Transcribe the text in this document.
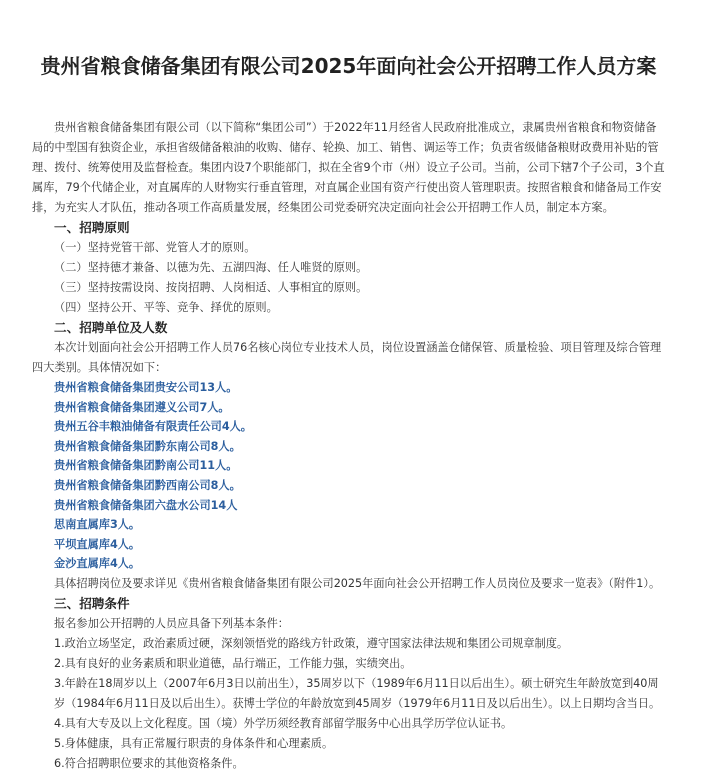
贵州省粮食储备集团有限公司2025年面向社会公开招聘工作人员方案

贵州省粮食储备集团有限公司（以下简称“集团公司”）于2022年11月经省人民政府批准成立，隶属贵州省粮食和物资储备局的中型国有独资企业，承担省级储备粮油的收购、储存、轮换、加工、销售、调运等工作；负责省级储备粮财政费用补贴的管理、拨付、统筹使用及监督检查。集团内设7个职能部门，拟在全省9个市（州）设立子公司。当前，公司下辖7个子公司，3个直属库，79个代储企业，对直属库的人财物实行垂直管理，对直属企业国有资产行使出资人管理职责。按照省粮食和储备局工作安排，为充实人才队伍，推动各项工作高质量发展，经集团公司党委研究决定面向社会公开招聘工作人员，制定本方案。

一、招聘原则

（一）坚持党管干部、党管人才的原则。

（二）坚持德才兼备、以德为先、五湖四海、任人唯贤的原则。

（三）坚持按需设岗、按岗招聘、人岗相适、人事相宜的原则。

（四）坚持公开、平等、竞争、择优的原则。

二、招聘单位及人数

本次计划面向社会公开招聘工作人员76名核心岗位专业技术人员，岗位设置涵盖仓储保管、质量检验、项目管理及综合管理四大类别。具体情况如下：

贵州省粮食储备集团贵安公司13人。

贵州省粮食储备集团遵义公司7人。

贵州五谷丰粮油储备有限责任公司4人。

贵州省粮食储备集团黔东南公司8人。

贵州省粮食储备集团黔南公司11人。

贵州省粮食储备集团黔西南公司8人。

贵州省粮食储备集团六盘水公司14人

思南直属库3人。

平坝直属库4人。

金沙直属库4人。

具体招聘岗位及要求详见《贵州省粮食储备集团有限公司2025年面向社会公开招聘工作人员岗位及要求一览表》（附件1）。

三、招聘条件

报名参加公开招聘的人员应具备下列基本条件：

1.政治立场坚定，政治素质过硬，深刻领悟党的路线方针政策，遵守国家法律法规和集团公司规章制度。

2.具有良好的业务素质和职业道德，品行端正，工作能力强，实绩突出。

3.年龄在18周岁以上（2007年6月3日以前出生），35周岁以下（1989年6月11日以后出生）。硕士研究生年龄放宽到40周岁（1984年6月11日及以后出生）。获博士学位的年龄放宽到45周岁（1979年6月11日及以后出生）。以上日期均含当日。

4.具有大专及以上文化程度。国（境）外学历须经教育部留学服务中心出具学历学位认证书。

5.身体健康，具有正常履行职责的身体条件和心理素质。

6.符合招聘职位要求的其他资格条件。
